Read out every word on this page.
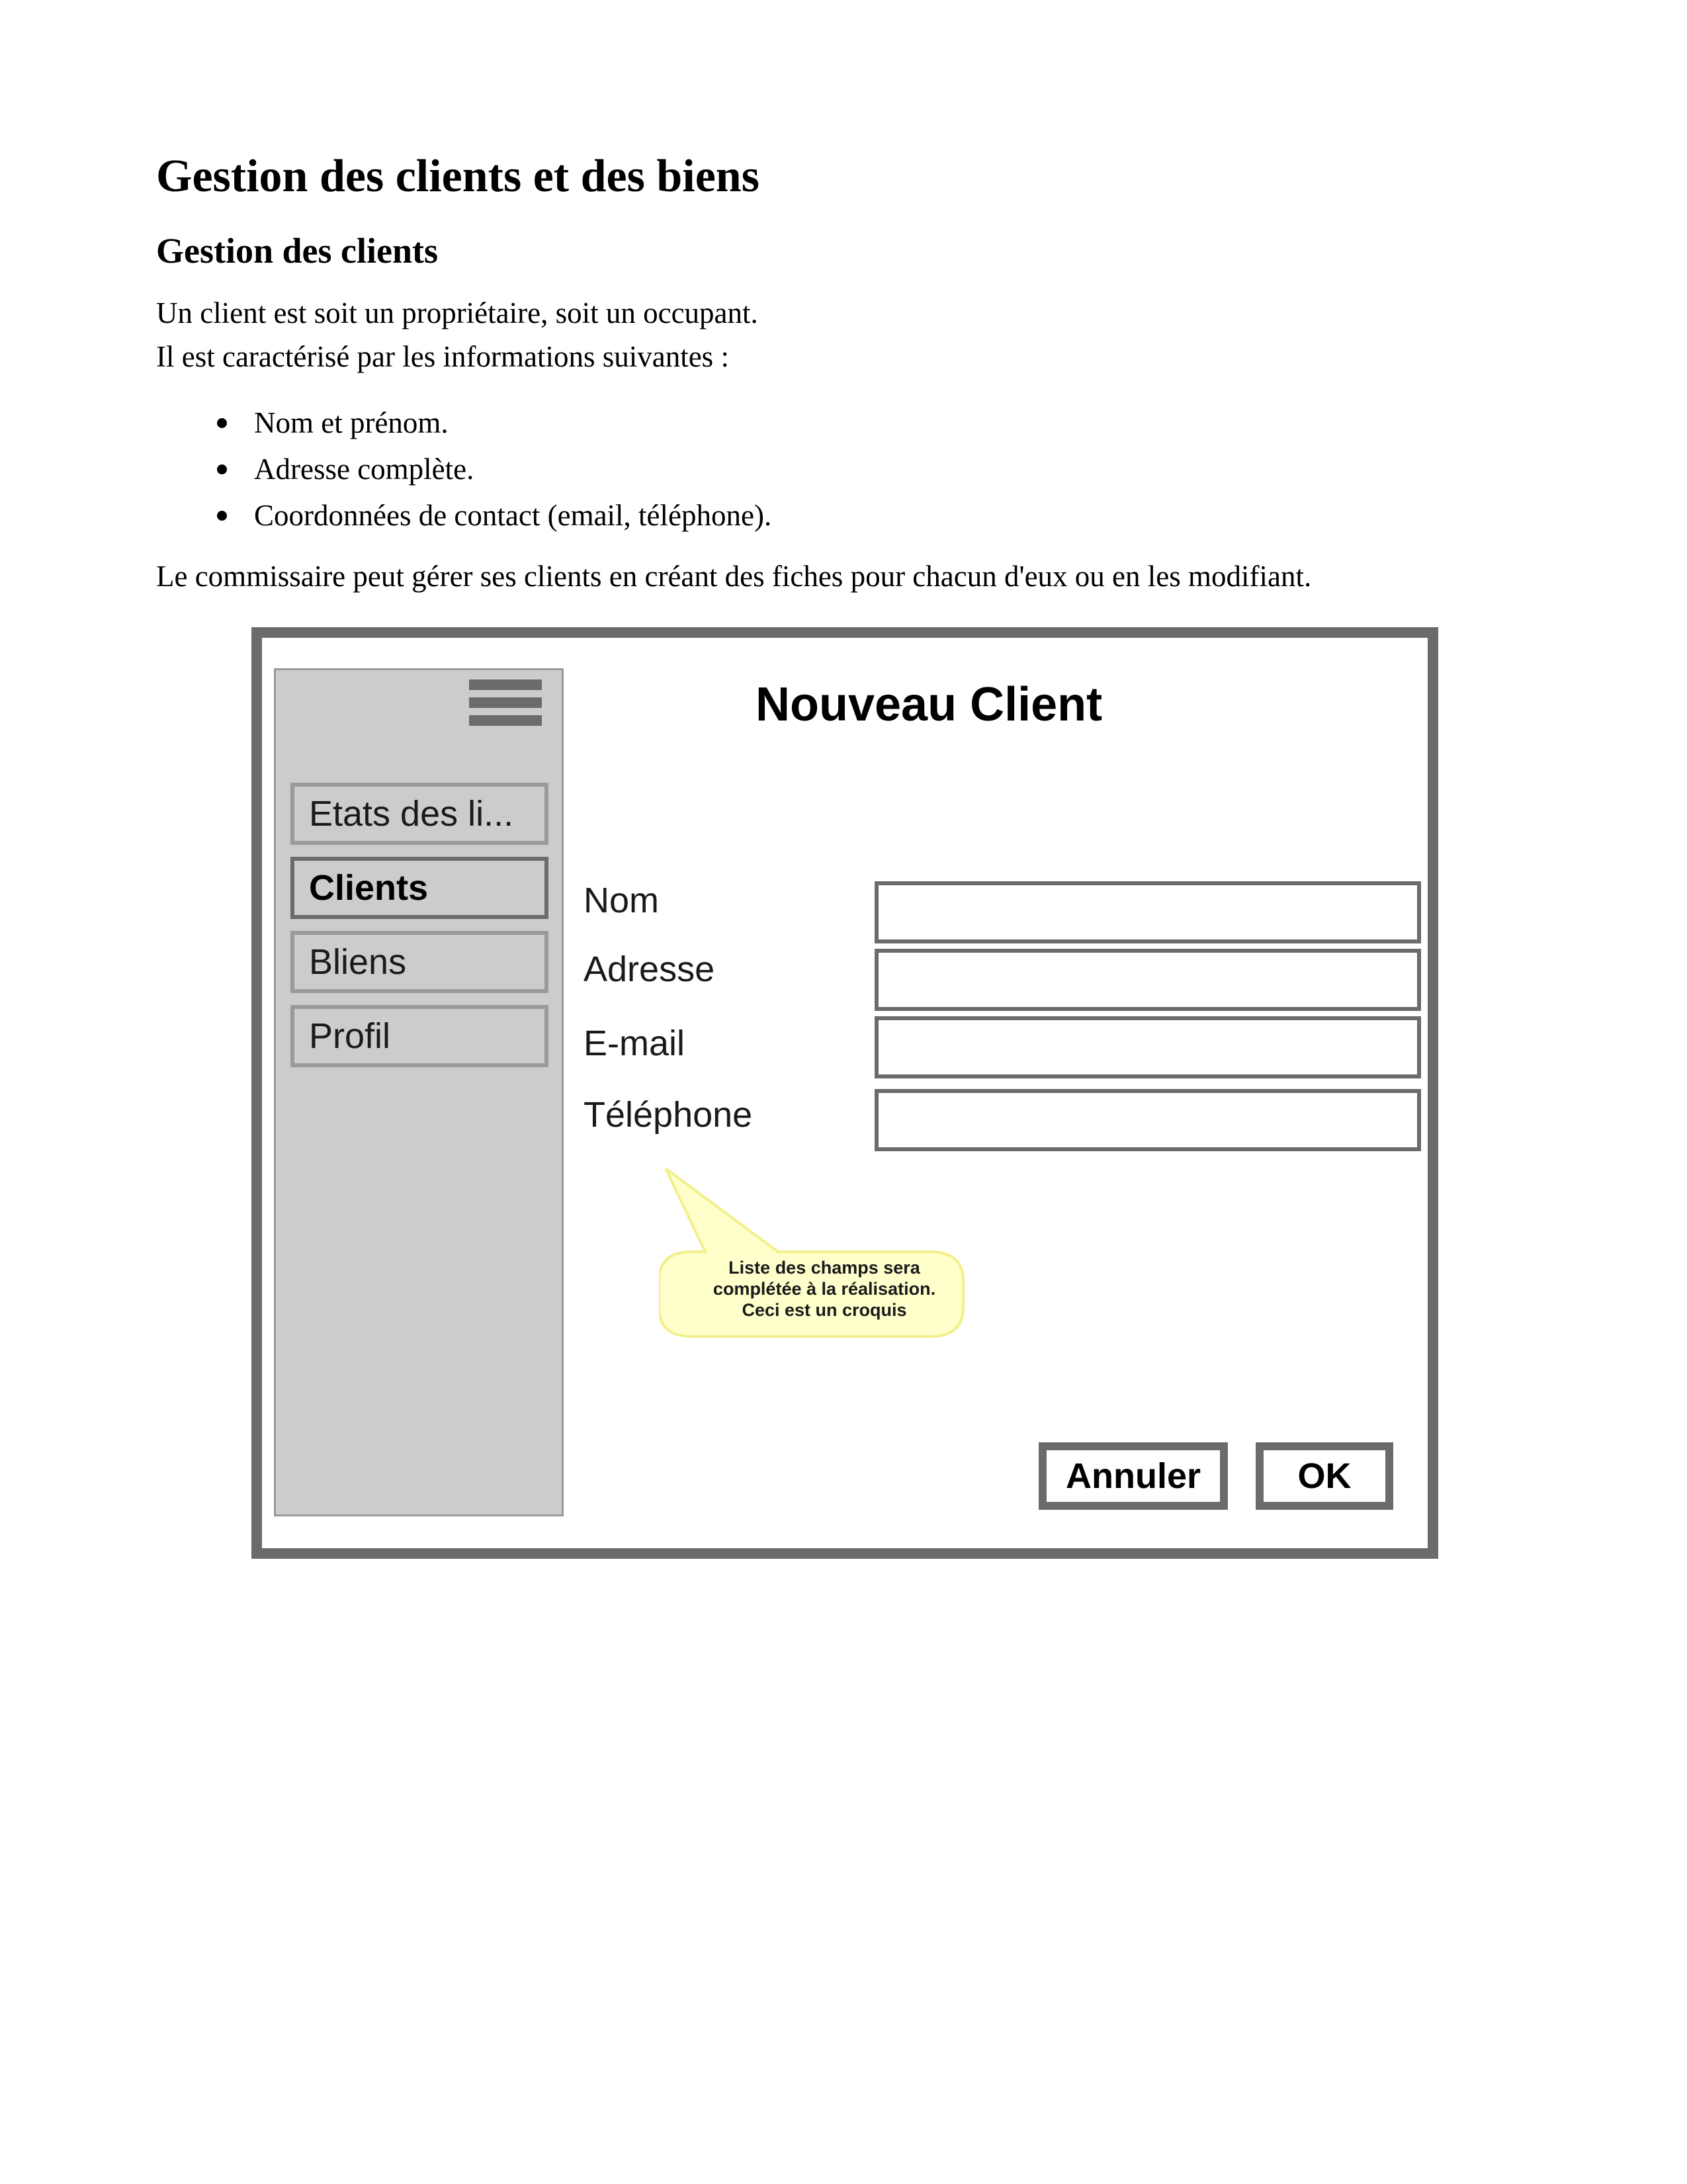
Gestion des clients et des biens
Gestion des clients

Un client est soit un propriétaire, soit un occupant.
Il est caractérisé par les informations suivantes :

Nom et prénom.
Adresse complète.
Coordonnées de contact (email, téléphone).

Le commissaire peut gérer ses clients en créant des fiches pour chacun d'eux ou en les modifiant.

Etats des li...
Clients
Bliens
Profil
Nouveau Client
Nom
Adresse
E-mail
Téléphone

Liste des champs sera
complétée à la réalisation.
Ceci est un croquis

Annuler	OK
